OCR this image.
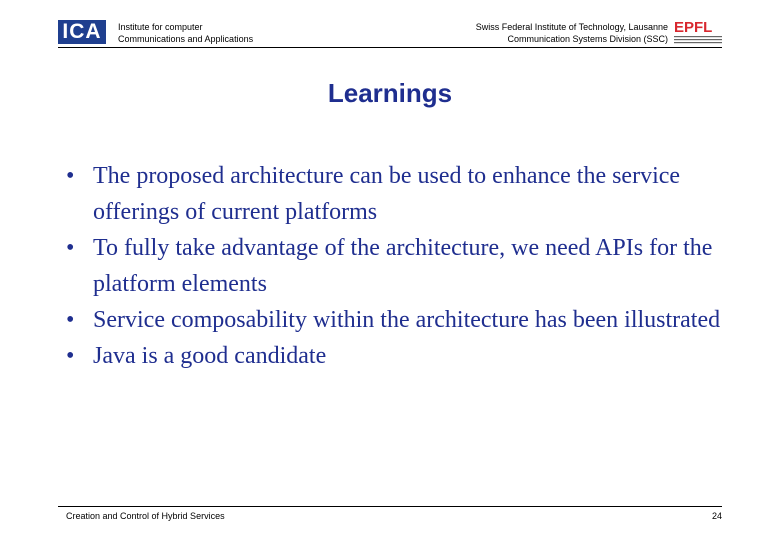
ICA	Institute for computer
Communications and Applications
Swiss Federal Institute of Technology, Lausanne
Communication Systems Division (SSC)
EPFL
Learnings
• The proposed architecture can be used to enhance the service offerings of current platforms
• To fully take advantage of the architecture, we need APIs for the platform elements
• Service composability within the architecture has been illustrated
• Java is a good candidate
Creation and Control of Hybrid Services	24
